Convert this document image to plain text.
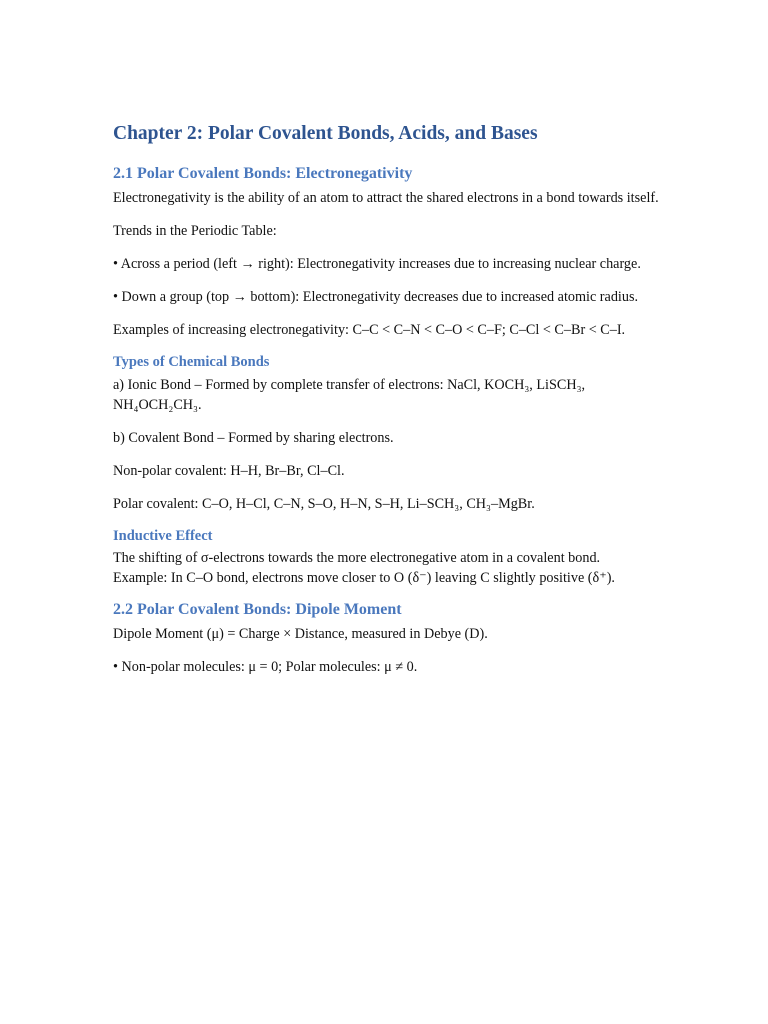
Chapter 2: Polar Covalent Bonds, Acids, and Bases
2.1 Polar Covalent Bonds: Electronegativity

Electronegativity is the ability of an atom to attract the shared electrons in a bond towards itself.

Trends in the Periodic Table:

• Across a period (left → right): Electronegativity increases due to increasing nuclear charge.

• Down a group (top → bottom): Electronegativity decreases due to increased atomic radius.

Examples of increasing electronegativity: C–C < C–N < C–O < C–F; C–Cl < C–Br < C–I.

Types of Chemical Bonds

a) Ionic Bond – Formed by complete transfer of electrons: NaCl, KOCH₃, LiSCH₃, NH₄OCH₂CH₃.

b) Covalent Bond – Formed by sharing electrons.

Non-polar covalent: H–H, Br–Br, Cl–Cl.

Polar covalent: C–O, H–Cl, C–N, S–O, H–N, S–H, Li–SCH₃, CH₃–MgBr.

Inductive Effect

The shifting of σ-electrons towards the more electronegative atom in a covalent bond.

Example: In C–O bond, electrons move closer to O (δ⁻) leaving C slightly positive (δ⁺).

2.2 Polar Covalent Bonds: Dipole Moment

Dipole Moment (μ) = Charge × Distance, measured in Debye (D).

• Non-polar molecules: μ = 0; Polar molecules: μ ≠ 0.
